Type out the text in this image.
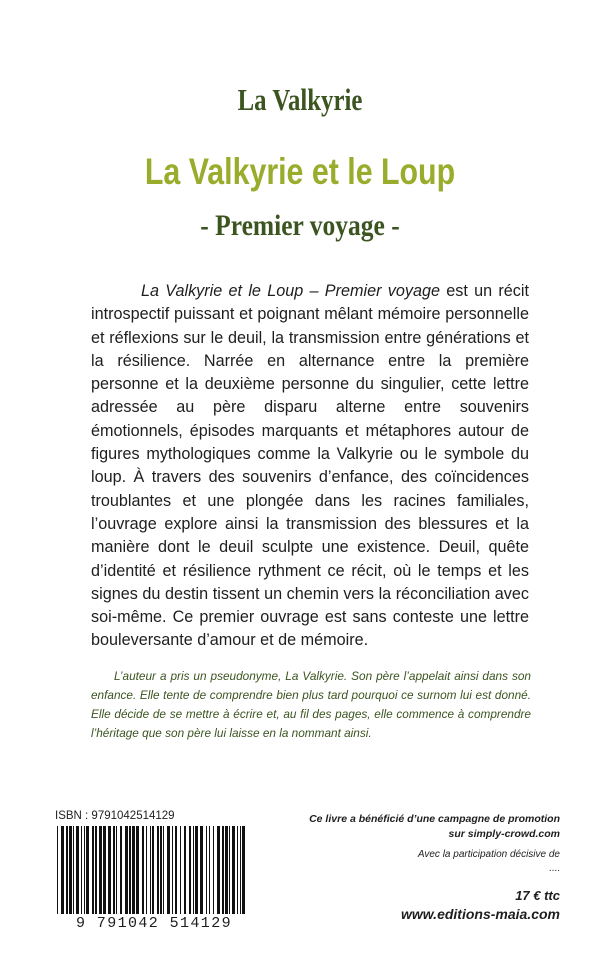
La Valkyrie
La Valkyrie et le Loup
- Premier voyage -

La Valkyrie et le Loup – Premier voyage est un récit introspectif puissant et poignant mêlant mémoire personnelle et réflexions sur le deuil, la transmission entre générations et la résilience. Narrée en alternance entre la première personne et la deuxième personne du singulier, cette lettre adressée au père disparu alterne entre souvenirs émotionnels, épisodes marquants et métaphores autour de figures mythologiques comme la Valkyrie ou le symbole du loup. À travers des souvenirs d’enfance, des coïncidences troublantes et une plongée dans les racines familiales, l’ouvrage explore ainsi la transmission des blessures et la manière dont le deuil sculpte une existence. Deuil, quête d’identité et résilience rythment ce récit, où le temps et les signes du destin tissent un chemin vers la réconciliation avec soi-même. Ce premier ouvrage est sans conteste une lettre bouleversante d’amour et de mémoire.

L’auteur a pris un pseudonyme, La Valkyrie. Son père l’appelait ainsi dans son enfance. Elle tente de comprendre bien plus tard pourquoi ce surnom lui est donné. Elle décide de se mettre à écrire et, au fil des pages, elle commence à comprendre l’héritage que son père lui laisse en la nommant ainsi.

ISBN : 9791042514129
9 791042 514129
Ce livre a bénéficié d’une campagne de promotion
sur simply-crowd.com
Avec la participation décisive de
....
17 € ttc
www.editions-maia.com
